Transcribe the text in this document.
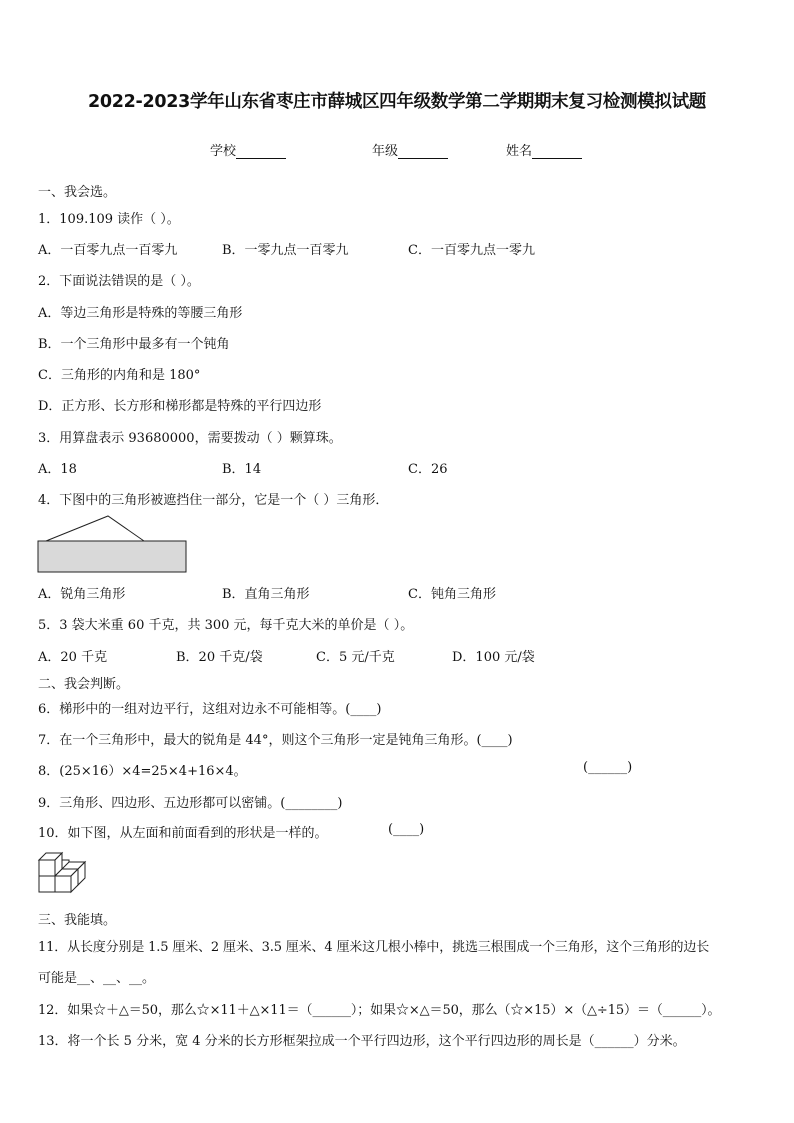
2022-2023学年山东省枣庄市薛城区四年级数学第二学期期末复习检测模拟试题
学校	年级	姓名
一、我会选。
1．109.109 读作（ ）。
A．一百零九点一百零九	B．一零九点一百零九	C．一百零九点一零九
2．下面说法错误的是（ ）。
A．等边三角形是特殊的等腰三角形
B．一个三角形中最多有一个钝角
C．三角形的内角和是 180°
D．正方形、长方形和梯形都是特殊的平行四边形
3．用算盘表示 93680000，需要拨动（ ）颗算珠。
A．18	B．14	C．26
4．下图中的三角形被遮挡住一部分，它是一个（ ）三角形．
A．锐角三角形	B．直角三角形	C．钝角三角形
5．3 袋大米重 60 千克，共 300 元，每千克大米的单价是（ ）。
A．20 千克	B．20 千克/袋	C．5 元/千克	D．100 元/袋
二、我会判断。
6．梯形中的一组对边平行，这组对边永不可能相等。(____)
7．在一个三角形中，最大的锐角是 44°，则这个三角形一定是钝角三角形。(____)
8．(25×16）×4=25×4+16×4。	(______)
9．三角形、四边形、五边形都可以密铺。(________)
10．如下图，从左面和前面看到的形状是一样的。	(____)
三、我能填。
11．从长度分别是 1.5 厘米、2 厘米、3.5 厘米、4 厘米这几根小棒中，挑选三根围成一个三角形，这个三角形的边长
可能是__、__、__。
12．如果☆＋△＝50，那么☆×11＋△×11＝（______）；如果☆×△＝50，那么（☆×15）×（△÷15）＝（______）。
13．将一个长 5 分米，宽 4 分米的长方形框架拉成一个平行四边形，这个平行四边形的周长是（______）分米。
